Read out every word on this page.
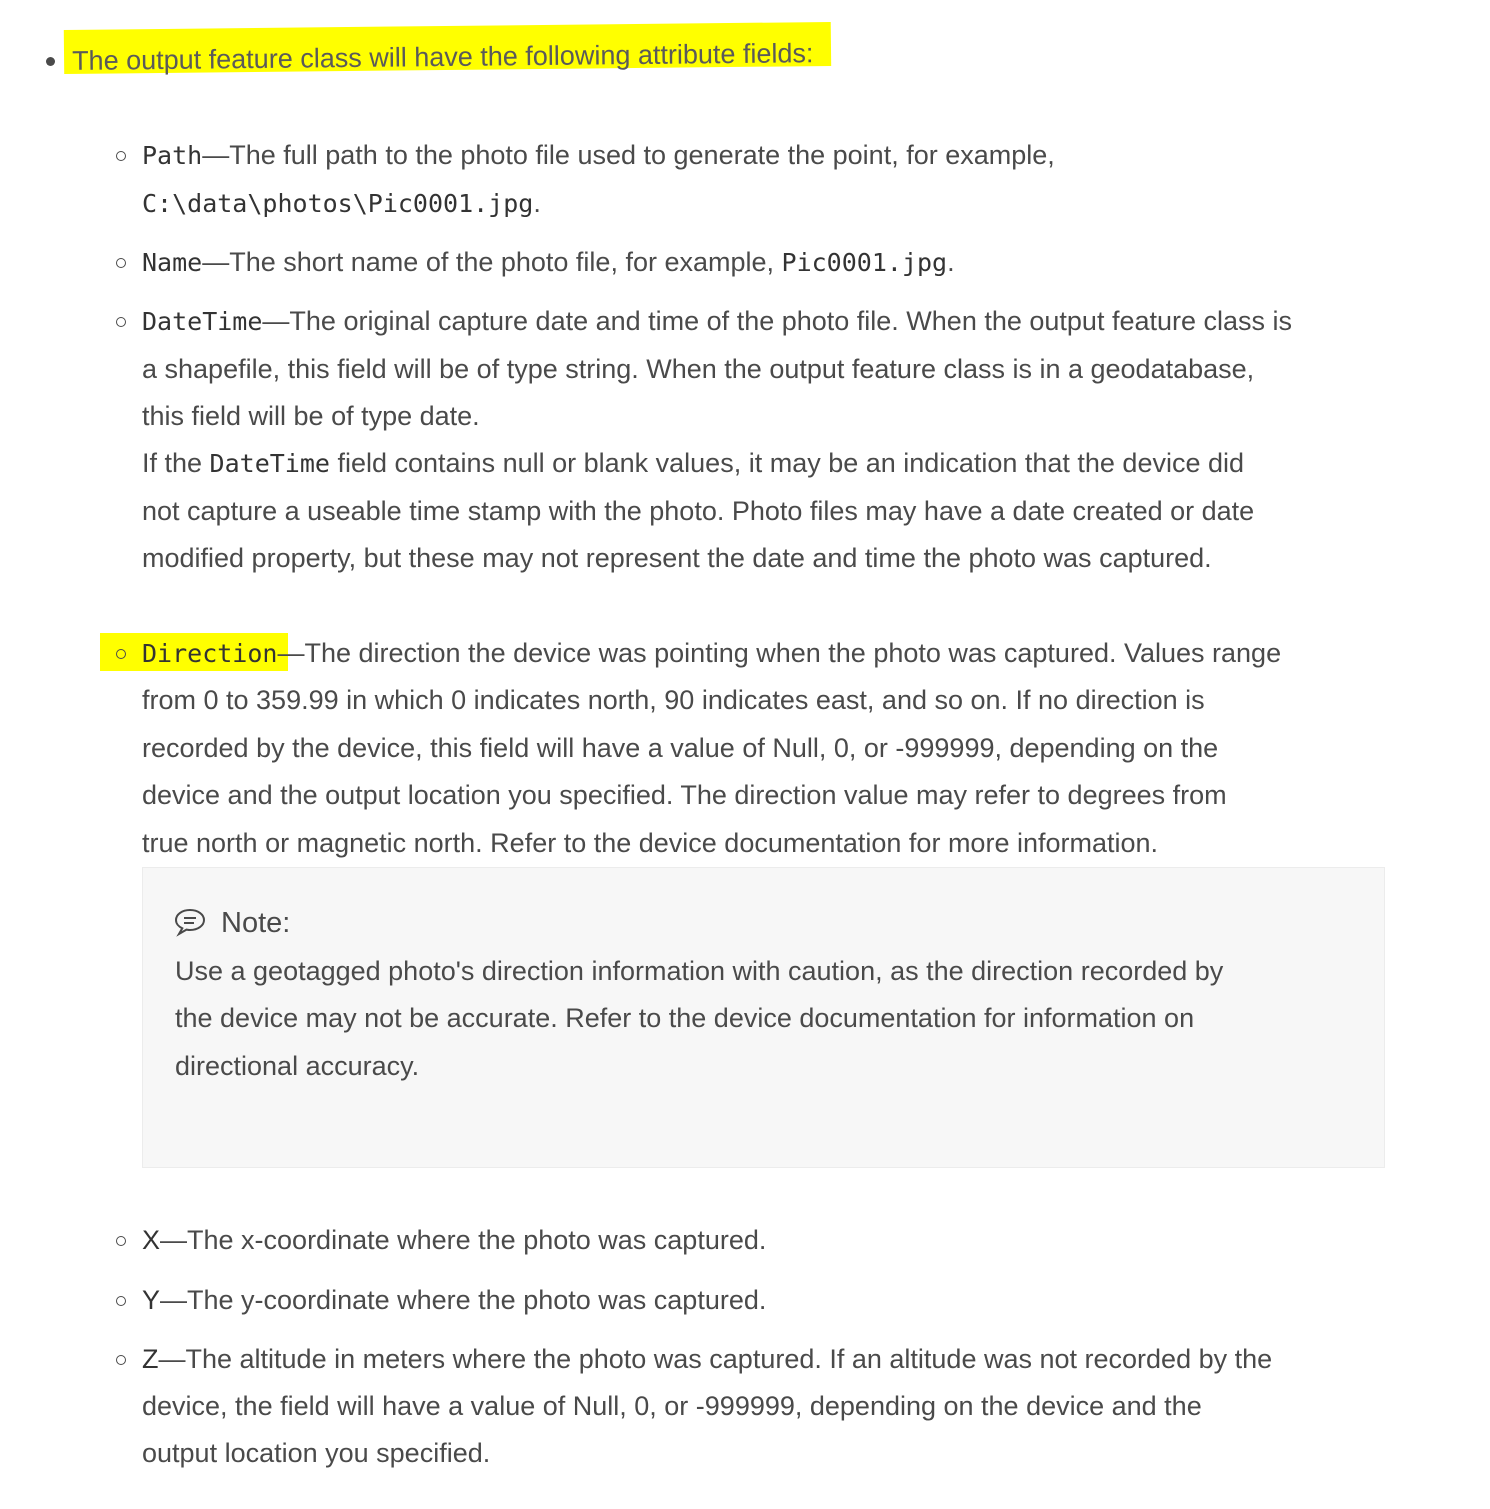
The output feature class will have the following attribute fields:
Path—The full path to the photo file used to generate the point, for example,
C:\data\photos\Pic0001.jpg.
Name—The short name of the photo file, for example, Pic0001.jpg.
DateTime—The original capture date and time of the photo file. When the output feature class is
a shapefile, this field will be of type string. When the output feature class is in a geodatabase,
this field will be of type date.
If the DateTime field contains null or blank values, it may be an indication that the device did
not capture a useable time stamp with the photo. Photo files may have a date created or date
modified property, but these may not represent the date and time the photo was captured.
Direction—The direction the device was pointing when the photo was captured. Values range
from 0 to 359.99 in which 0 indicates north, 90 indicates east, and so on. If no direction is
recorded by the device, this field will have a value of Null, 0, or -999999, depending on the
device and the output location you specified. The direction value may refer to degrees from
true north or magnetic north. Refer to the device documentation for more information.
Note:
Use a geotagged photo's direction information with caution, as the direction recorded by
the device may not be accurate. Refer to the device documentation for information on
directional accuracy.
X—The x-coordinate where the photo was captured.
Y—The y-coordinate where the photo was captured.
Z—The altitude in meters where the photo was captured. If an altitude was not recorded by the
device, the field will have a value of Null, 0, or -999999, depending on the device and the
output location you specified.
